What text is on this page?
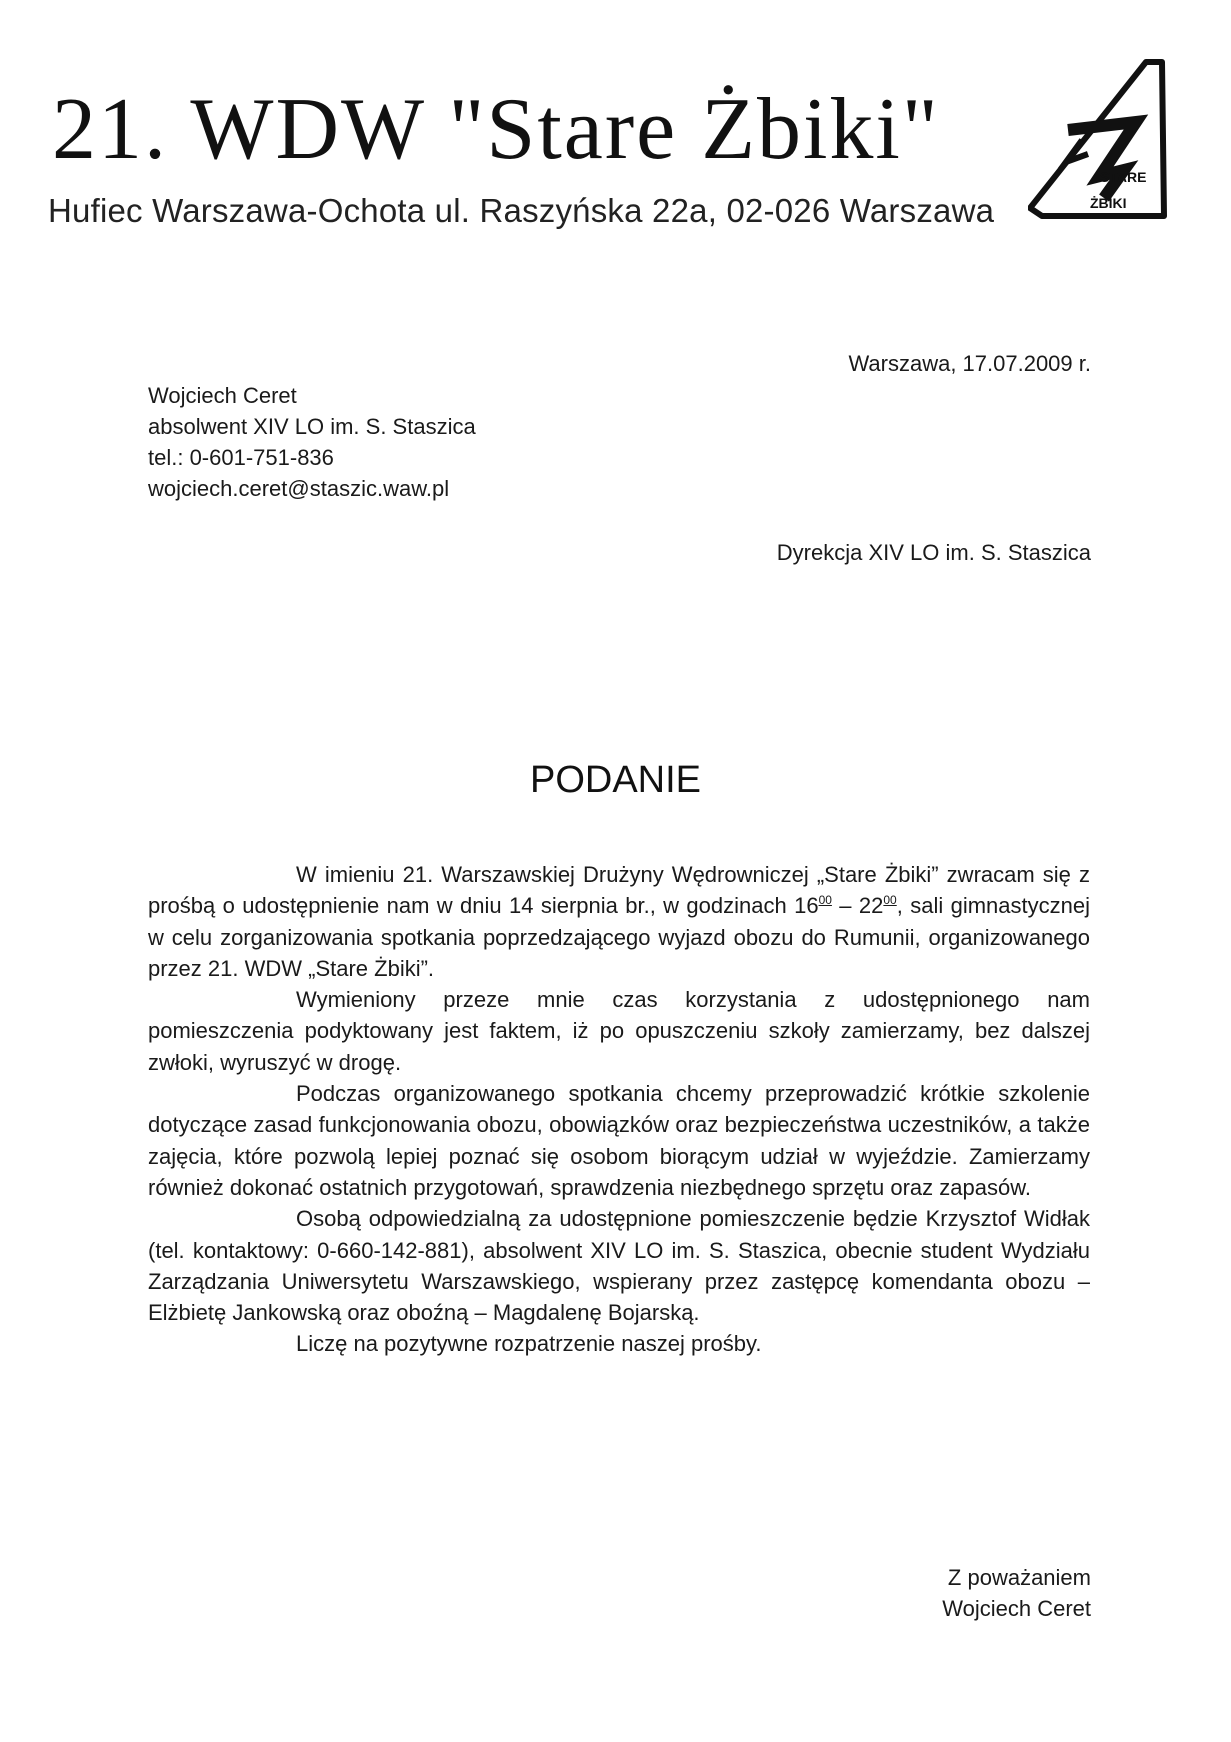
21. WDW "Stare Żbiki"

Hufiec Warszawa-Ochota ul. Raszyńska 22a, 02-026 Warszawa

STARE
ŻBIKI

Warszawa, 17.07.2009 r.

Wojciech Ceret
absolwent XIV LO im. S. Staszica
tel.: 0-601-751-836
wojciech.ceret@staszic.waw.pl

Dyrekcja XIV LO im. S. Staszica

PODANIE

W imieniu 21. Warszawskiej Drużyny Wędrowniczej „Stare Żbiki” zwracam się z prośbą o udostępnienie nam w dniu 14 sierpnia br., w godzinach $16^{00} - 22^{00}$, sali gimnastycznej w celu zorganizowania spotkania poprzedzającego wyjazd obozu do Rumunii, organizowanego przez 21. WDW „Stare Żbiki”.

Wymieniony przeze mnie czas korzystania z udostępnionego nam pomieszczenia podyktowany jest faktem, iż po opuszczeniu szkoły zamierzamy, bez dalszej zwłoki, wyruszyć w drogę.

Podczas organizowanego spotkania chcemy przeprowadzić krótkie szkolenie dotyczące zasad funkcjonowania obozu, obowiązków oraz bezpieczeństwa uczestników, a także zajęcia, które pozwolą lepiej poznać się osobom biorącym udział w wyjeździe. Zamierzamy również dokonać ostatnich przygotowań, sprawdzenia niezbędnego sprzętu oraz zapasów.

Osobą odpowiedzialną za udostępnione pomieszczenie będzie Krzysztof Widłak (tel. kontaktowy: 0-660-142-881), absolwent XIV LO im. S. Staszica, obecnie student Wydziału Zarządzania Uniwersytetu Warszawskiego, wspierany przez zastępcę komendanta obozu – Elżbietę Jankowską oraz oboźną – Magdalenę Bojarską.

Liczę na pozytywne rozpatrzenie naszej prośby.

Z poważaniem
Wojciech Ceret
